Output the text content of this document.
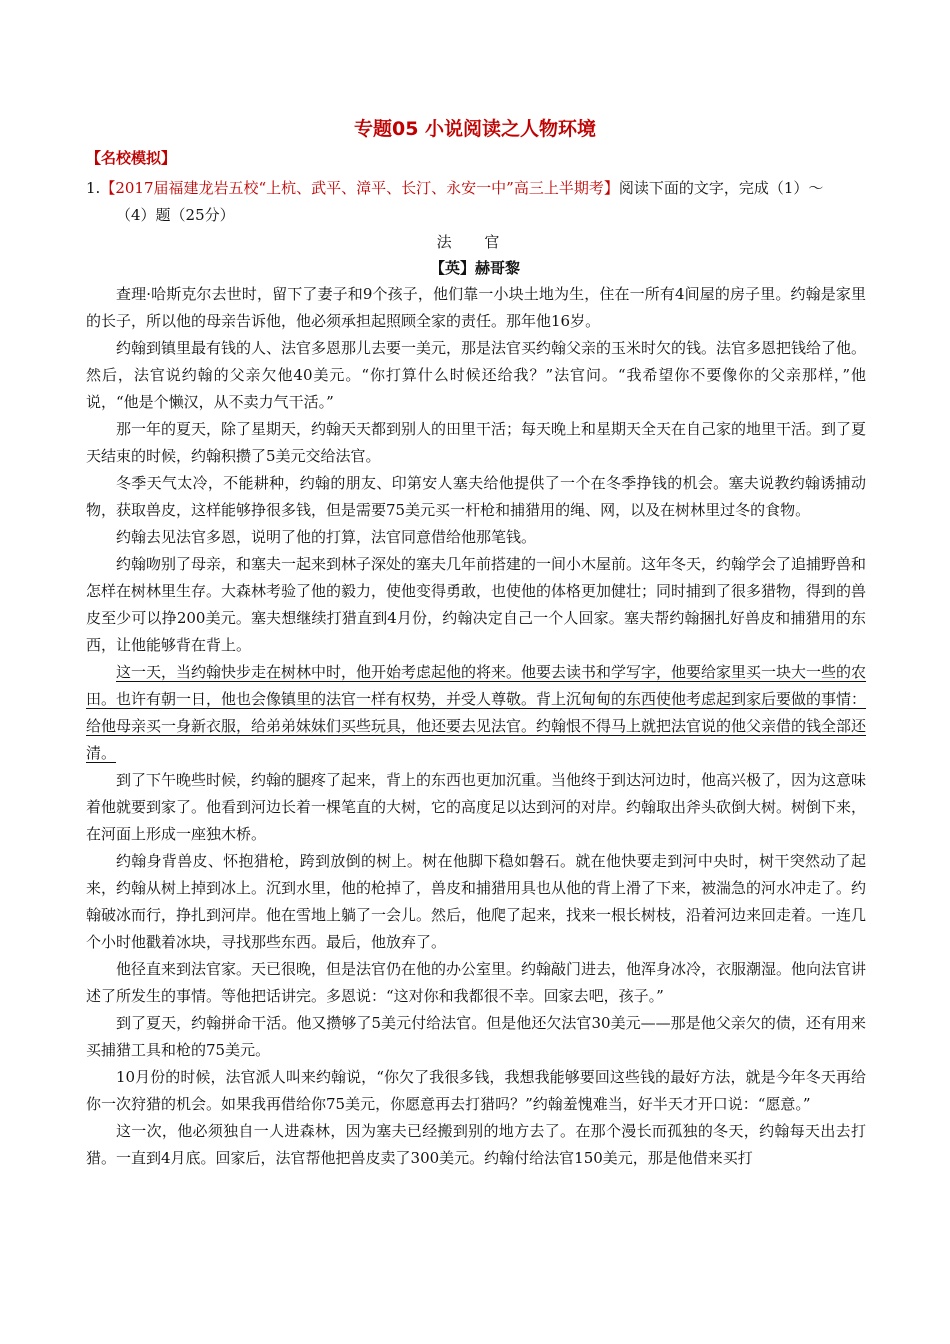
专题05 小说阅读之人物环境
【名校模拟】
1.【2017届福建龙岩五校“上杭、武平、漳平、长汀、永安一中”高三上半期考】阅读下面的文字，完成（1）～
（4）题（25分）
法 官
【英】赫哥黎

查理·哈斯克尔去世时，留下了妻子和9个孩子，他们靠一小块土地为生，住在一所有4间屋的房子里。约翰是家里的长子，所以他的母亲告诉他，他必须承担起照顾全家的责任。那年他16岁。

约翰到镇里最有钱的人、法官多恩那儿去要一美元，那是法官买约翰父亲的玉米时欠的钱。法官多恩把钱给了他。然后，法官说约翰的父亲欠他40美元。“你打算什么时候还给我？”法官问。“我希望你不要像你的父亲那样，”他说，“他是个懒汉，从不卖力气干活。”

那一年的夏天，除了星期天，约翰天天都到别人的田里干活；每天晚上和星期天全天在自己家的地里干活。到了夏天结束的时候，约翰积攒了5美元交给法官。

冬季天气太冷，不能耕种，约翰的朋友、印第安人塞夫给他提供了一个在冬季挣钱的机会。塞夫说教约翰诱捕动物，获取兽皮，这样能够挣很多钱，但是需要75美元买一杆枪和捕猎用的绳、网，以及在树林里过冬的食物。

约翰去见法官多恩，说明了他的打算，法官同意借给他那笔钱。

约翰吻别了母亲，和塞夫一起来到林子深处的塞夫几年前搭建的一间小木屋前。这年冬天，约翰学会了追捕野兽和怎样在树林里生存。大森林考验了他的毅力，使他变得勇敢，也使他的体格更加健壮；同时捕到了很多猎物，得到的兽皮至少可以挣200美元。塞夫想继续打猎直到4月份，约翰决定自己一个人回家。塞夫帮约翰捆扎好兽皮和捕猎用的东西，让他能够背在背上。

这一天，当约翰快步走在树林中时，他开始考虑起他的将来。他要去读书和学写字，他要给家里买一块大一些的农田。也许有朝一日，他也会像镇里的法官一样有权势，并受人尊敬。背上沉甸甸的东西使他考虑起到家后要做的事情：给他母亲买一身新衣服，给弟弟妹妹们买些玩具，他还要去见法官。约翰恨不得马上就把法官说的他父亲借的钱全部还清。

到了下午晚些时候，约翰的腿疼了起来，背上的东西也更加沉重。当他终于到达河边时，他高兴极了，因为这意味着他就要到家了。他看到河边长着一棵笔直的大树，它的高度足以达到河的对岸。约翰取出斧头砍倒大树。树倒下来，在河面上形成一座独木桥。

约翰身背兽皮、怀抱猎枪，跨到放倒的树上。树在他脚下稳如磐石。就在他快要走到河中央时，树干突然动了起来，约翰从树上掉到冰上。沉到水里，他的枪掉了，兽皮和捕猎用具也从他的背上滑了下来，被湍急的河水冲走了。约翰破冰而行，挣扎到河岸。他在雪地上躺了一会儿。然后，他爬了起来，找来一根长树枝，沿着河边来回走着。一连几个小时他戳着冰块，寻找那些东西。最后，他放弃了。

他径直来到法官家。天已很晚，但是法官仍在他的办公室里。约翰敲门进去，他浑身冰冷，衣服潮湿。他向法官讲述了所发生的事情。等他把话讲完。多恩说：“这对你和我都很不幸。回家去吧，孩子。”

到了夏天，约翰拼命干活。他又攒够了5美元付给法官。但是他还欠法官30美元——那是他父亲欠的债，还有用来买捕猎工具和枪的75美元。

10月份的时候，法官派人叫来约翰说，“你欠了我很多钱，我想我能够要回这些钱的最好方法，就是今年冬天再给你一次狩猎的机会。如果我再借给你75美元，你愿意再去打猎吗？”约翰羞愧难当，好半天才开口说：“愿意。”

这一次，他必须独自一人进森林，因为塞夫已经搬到别的地方去了。在那个漫长而孤独的冬天，约翰每天出去打猎。一直到4月底。回家后，法官帮他把兽皮卖了300美元。约翰付给法官150美元，那是他借来买打
